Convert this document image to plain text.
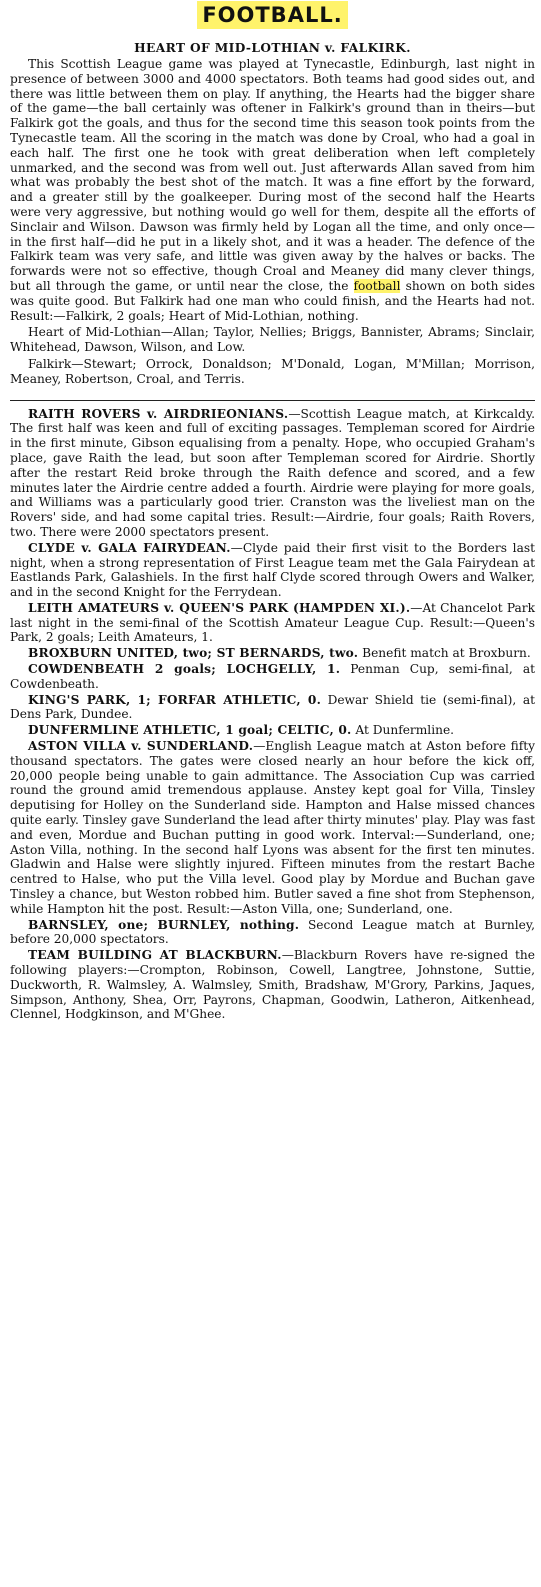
FOOTBALL.
HEART OF MID-LOTHIAN v. FALKIRK.

This Scottish League game was played at Tynecastle, Edinburgh, last night in presence of between 3000 and 4000 spectators. Both teams had good sides out, and there was little between them on play. If anything, the Hearts had the bigger share of the game—the ball certainly was oftener in Falkirk's ground than in theirs—but Falkirk got the goals, and thus for the second time this season took points from the Tynecastle team. All the scoring in the match was done by Croal, who had a goal in each half. The first one he took with great deliberation when left completely unmarked, and the second was from well out. Just afterwards Allan saved from him what was probably the best shot of the match. It was a fine effort by the forward, and a greater still by the goalkeeper. During most of the second half the Hearts were very aggressive, but nothing would go well for them, despite all the efforts of Sinclair and Wilson. Dawson was firmly held by Logan all the time, and only once—in the first half—did he put in a likely shot, and it was a header. The defence of the Falkirk team was very safe, and little was given away by the halves or backs. The forwards were not so effective, though Croal and Meaney did many clever things, but all through the game, or until near the close, the football shown on both sides was quite good. But Falkirk had one man who could finish, and the Hearts had not. Result:—Falkirk, 2 goals; Heart of Mid-Lothian, nothing.

Heart of Mid-Lothian—Allan; Taylor, Nellies; Briggs, Bannister, Abrams; Sinclair, Whitehead, Dawson, Wilson, and Low.

Falkirk—Stewart; Orrock, Donaldson; M'Donald, Logan, M'Millan; Morrison, Meaney, Robertson, Croal, and Terris.

RAITH ROVERS v. AIRDRIEONIANS.—Scottish League match, at Kirkcaldy. The first half was keen and full of exciting passages. Templeman scored for Airdrie in the first minute, Gibson equalising from a penalty. Hope, who occupied Graham's place, gave Raith the lead, but soon after Templeman scored for Airdrie. Shortly after the restart Reid broke through the Raith defence and scored, and a few minutes later the Airdrie centre added a fourth. Airdrie were playing for more goals, and Williams was a particularly good trier. Cranston was the liveliest man on the Rovers' side, and had some capital tries. Result:—Airdrie, four goals; Raith Rovers, two. There were 2000 spectators present.

CLYDE v. GALA FAIRYDEAN.—Clyde paid their first visit to the Borders last night, when a strong representation of First League team met the Gala Fairydean at Eastlands Park, Galashiels. In the first half Clyde scored through Owers and Walker, and in the second Knight for the Ferrydean.

LEITH AMATEURS v. QUEEN'S PARK (HAMPDEN XI.).—At Chancelot Park last night in the semi-final of the Scottish Amateur League Cup. Result:—Queen's Park, 2 goals; Leith Amateurs, 1.

BROXBURN UNITED, two; ST BERNARDS, two. Benefit match at Broxburn.

COWDENBEATH 2 goals; LOCHGELLY, 1. Penman Cup, semi-final, at Cowdenbeath.

KING'S PARK, 1; FORFAR ATHLETIC, 0. Dewar Shield tie (semi-final), at Dens Park, Dundee.

DUNFERMLINE ATHLETIC, 1 goal; CELTIC, 0. At Dunfermline.

ASTON VILLA v. SUNDERLAND.—English League match at Aston before fifty thousand spectators. The gates were closed nearly an hour before the kick off, 20,000 people being unable to gain admittance. The Association Cup was carried round the ground amid tremendous applause. Anstey kept goal for Villa, Tinsley deputising for Holley on the Sunderland side. Hampton and Halse missed chances quite early. Tinsley gave Sunderland the lead after thirty minutes' play. Play was fast and even, Mordue and Buchan putting in good work. Interval:—Sunderland, one; Aston Villa, nothing. In the second half Lyons was absent for the first ten minutes. Gladwin and Halse were slightly injured. Fifteen minutes from the restart Bache centred to Halse, who put the Villa level. Good play by Mordue and Buchan gave Tinsley a chance, but Weston robbed him. Butler saved a fine shot from Stephenson, while Hampton hit the post. Result:—Aston Villa, one; Sunderland, one.

BARNSLEY, one; BURNLEY, nothing. Second League match at Burnley, before 20,000 spectators.

TEAM BUILDING AT BLACKBURN.—Blackburn Rovers have re-signed the following players:—Crompton, Robinson, Cowell, Langtree, Johnstone, Suttie, Duckworth, R. Walmsley, A. Walmsley, Smith, Bradshaw, M'Grory, Parkins, Jaques, Simpson, Anthony, Shea, Orr, Payrons, Chapman, Goodwin, Latheron, Aitkenhead, Clennel, Hodgkinson, and M'Ghee.
